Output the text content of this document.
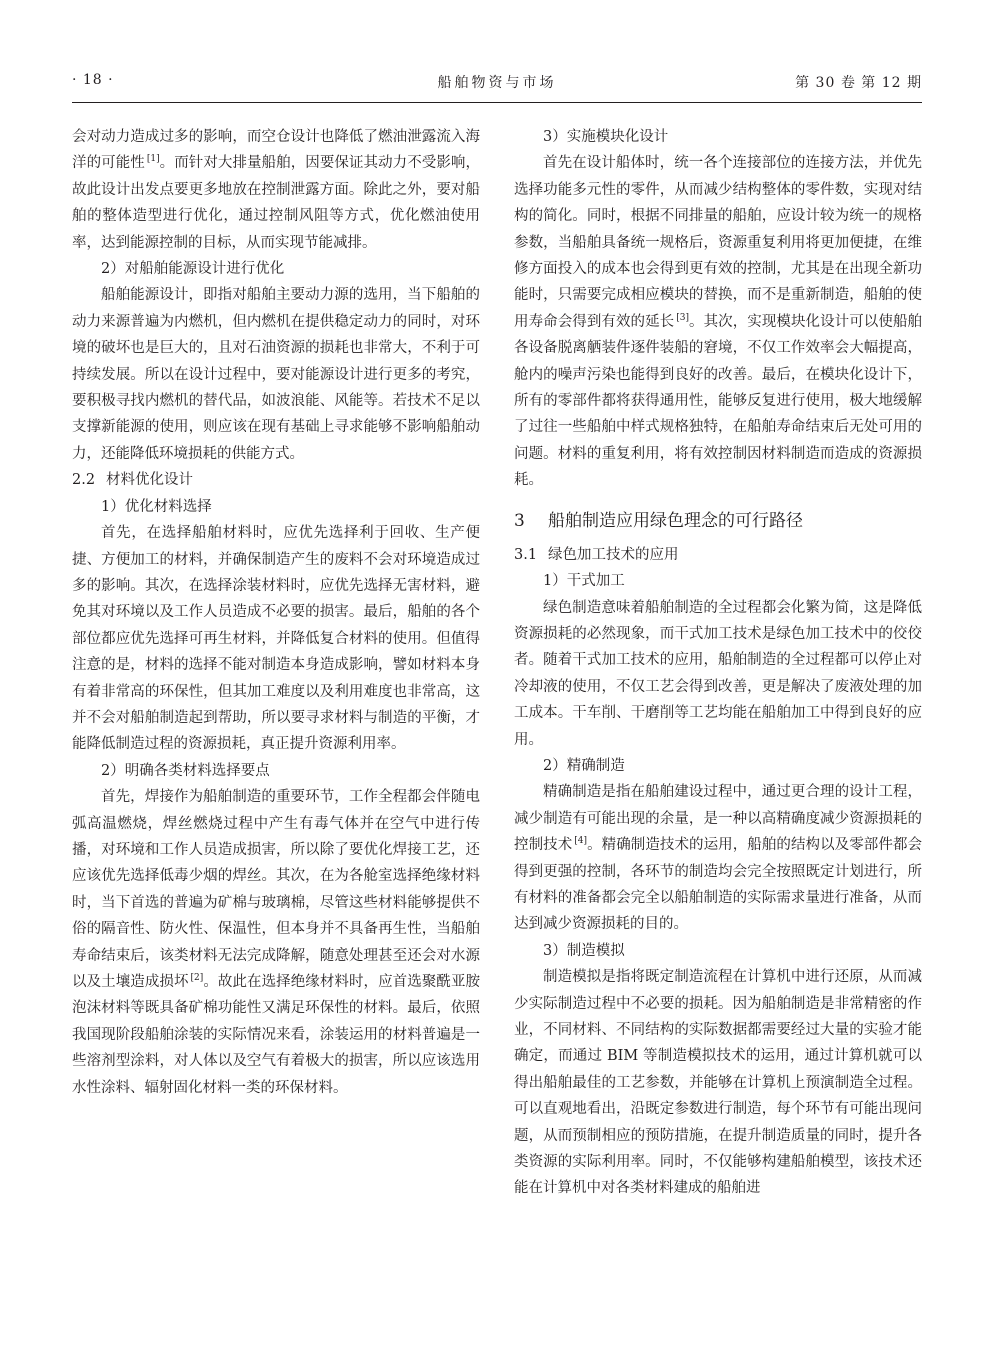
· 18 ·	船舶物资与市场	第 30 卷 第 12 期

会对动力造成过多的影响，而空仓设计也降低了燃油泄露流入海洋的可能性 [1]。而针对大排量船舶，因要保证其动力不受影响，故此设计出发点要更多地放在控制泄露方面。除此之外，要对船舶的整体造型进行优化，通过控制风阻等方式，优化燃油使用率，达到能源控制的目标，从而实现节能减排。

2）对船舶能源设计进行优化

船舶能源设计，即指对船舶主要动力源的选用，当下船舶的动力来源普遍为内燃机，但内燃机在提供稳定动力的同时，对环境的破坏也是巨大的，且对石油资源的损耗也非常大，不利于可持续发展。所以在设计过程中，要对能源设计进行更多的考究，要积极寻找内燃机的替代品，如波浪能、风能等。若技术不足以支撑新能源的使用，则应该在现有基础上寻求能够不影响船舶动力，还能降低环境损耗的供能方式。

2.2 材料优化设计

1）优化材料选择

首先，在选择船舶材料时，应优先选择利于回收、生产便捷、方便加工的材料，并确保制造产生的废料不会对环境造成过多的影响。其次，在选择涂装材料时，应优先选择无害材料，避免其对环境以及工作人员造成不必要的损害。最后，船舶的各个部位都应优先选择可再生材料，并降低复合材料的使用。但值得注意的是，材料的选择不能对制造本身造成影响，譬如材料本身有着非常高的环保性，但其加工难度以及利用难度也非常高，这并不会对船舶制造起到帮助，所以要寻求材料与制造的平衡，才能降低制造过程的资源损耗，真正提升资源利用率。

2）明确各类材料选择要点

首先，焊接作为船舶制造的重要环节，工作全程都会伴随电弧高温燃烧，焊丝燃烧过程中产生有毒气体并在空气中进行传播，对环境和工作人员造成损害，所以除了要优化焊接工艺，还应该优先选择低毒少烟的焊丝。其次，在为各舱室选择绝缘材料时，当下首选的普遍为矿棉与玻璃棉，尽管这些材料能够提供不俗的隔音性、防火性、保温性，但本身并不具备再生性，当船舶寿命结束后，该类材料无法完成降解，随意处理甚至还会对水源以及土壤造成损坏 [2]。故此在选择绝缘材料时，应首选聚酰亚胺泡沫材料等既具备矿棉功能性又满足环保性的材料。最后，依照我国现阶段船舶涂装的实际情况来看，涂装运用的材料普遍是一些溶剂型涂料，对人体以及空气有着极大的损害，所以应该选用水性涂料、辐射固化材料一类的环保材料。

3）实施模块化设计

首先在设计船体时，统一各个连接部位的连接方法，并优先选择功能多元性的零件，从而减少结构整体的零件数，实现对结构的简化。同时，根据不同排量的船舶，应设计较为统一的规格参数，当船舶具备统一规格后，资源重复利用将更加便捷，在维修方面投入的成本也会得到更有效的控制，尤其是在出现全新功能时，只需要完成相应模块的替换，而不是重新制造，船舶的使用寿命会得到有效的延长 [3]。其次，实现模块化设计可以使船舶各设备脱离舾装件逐件装船的窘境，不仅工作效率会大幅提高，舱内的噪声污染也能得到良好的改善。最后，在模块化设计下，所有的零部件都将获得通用性，能够反复进行使用，极大地缓解了过往一些船舶中样式规格独特，在船舶寿命结束后无处可用的问题。材料的重复利用，将有效控制因材料制造而造成的资源损耗。

3 船舶制造应用绿色理念的可行路径
3.1 绿色加工技术的应用

1）干式加工

绿色制造意味着船舶制造的全过程都会化繁为简，这是降低资源损耗的必然现象，而干式加工技术是绿色加工技术中的佼佼者。随着干式加工技术的应用，船舶制造的全过程都可以停止对冷却液的使用，不仅工艺会得到改善，更是解决了废液处理的加工成本。干车削、干磨削等工艺均能在船舶加工中得到良好的应用。

2）精确制造

精确制造是指在船舶建设过程中，通过更合理的设计工程，减少制造有可能出现的余量，是一种以高精确度减少资源损耗的控制技术 [4]。精确制造技术的运用，船舶的结构以及零部件都会得到更强的控制，各环节的制造均会完全按照既定计划进行，所有材料的准备都会完全以船舶制造的实际需求量进行准备，从而达到减少资源损耗的目的。

3）制造模拟

制造模拟是指将既定制造流程在计算机中进行还原，从而减少实际制造过程中不必要的损耗。因为船舶制造是非常精密的作业，不同材料、不同结构的实际数据都需要经过大量的实验才能确定，而通过 BIM 等制造模拟技术的运用，通过计算机就可以得出船舶最佳的工艺参数，并能够在计算机上预演制造全过程。可以直观地看出，沿既定参数进行制造，每个环节有可能出现问题，从而预制相应的预防措施，在提升制造质量的同时，提升各类资源的实际利用率。同时，不仅能够构建船舶模型，该技术还能在计算机中对各类材料建成的船舶进
